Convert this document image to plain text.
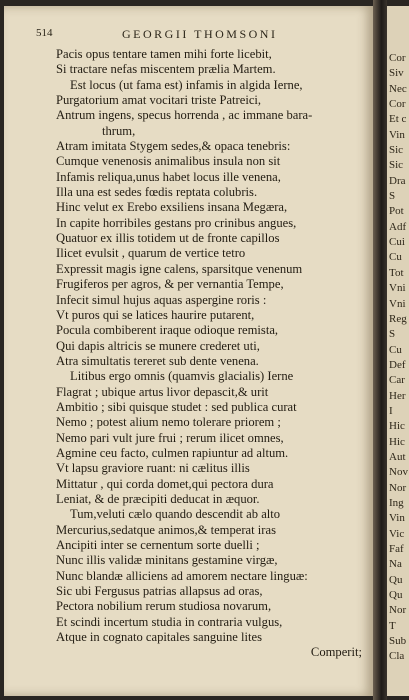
514	GEORGII THOMSONI
Pacis opus tentare tamen mihi forte licebit,
Si tractare nefas miscentem prælia Martem.
Est locus (ut fama est) infamis in algida Ierne,
Purgatorium amat vocitari triste Patreici,
Antrum ingens, specus horrenda , ac immane bara-
thrum,
Atram imitata Stygem sedes,& opaca tenebris:
Cumque venenosis animalibus insula non sit
Infamis reliqua,unus habet locus ille venena,
Illa una est sedes fœdis reptata colubris.
Hinc velut ex Erebo exsiliens insana Megæra,
In capite horribiles gestans pro crinibus angues,
Quatuor ex illis totidem ut de fronte capillos
Ilicet evulsit , quarum de vertice tetro
Expressit magis igne calens, sparsitque venenum
Frugiferos per agros, & per vernantia Tempe,
Infecit simul hujus aquas aspergine roris :
Vt puros qui se latices haurire putarent,
Pocula combiberent iraque odioque remista,
Qui dapis altricis se munere crederet uti,
Atra simultatis tereret sub dente venena.
Litibus ergo omnis (quamvis glacialis) Ierne
Flagrat ; ubique artus livor depascit,& urit
Ambitio ; sibi quisque studet : sed publica curat
Nemo ; potest alium nemo tolerare priorem ;
Nemo pari vult jure frui ; rerum ilicet omnes,
Agmine ceu facto, culmen rapiuntur ad altum.
Vt lapsu graviore ruant: ni cælitus illis
Mittatur , qui corda domet,qui pectora dura
Leniat, & de præcipiti deducat in æquor.
Tum,veluti cælo quando descendit ab alto
Mercurius,sedatque animos,& temperat iras
Ancipiti inter se cernentum sorte duelli ;
Nunc illis validæ minitans gestamine virgæ,
Nunc blandæ alliciens ad amorem nectare linguæ:
Sic ubi Fergusus patrias allapsus ad oras,
Pectora nobilium rerum studiosa novarum,
Et scindi incertum studia in contraria vulgus,
Atque in cognato capitales sanguine lites
Comperit;
Cor
Siv
Nec
Cor
Et c
Vin
Sic
Sic
Dra
S
Pot
Adf
Cui
Cu
Tot
Vni
Vni
Reg
S
Cu
Def
Car
Her
I
Hic
Hic
Aut
Nov
Nor
Ing
Vin
Vic
Faf
Na
Qu
Qu
Nor
T
Sub
Cla
